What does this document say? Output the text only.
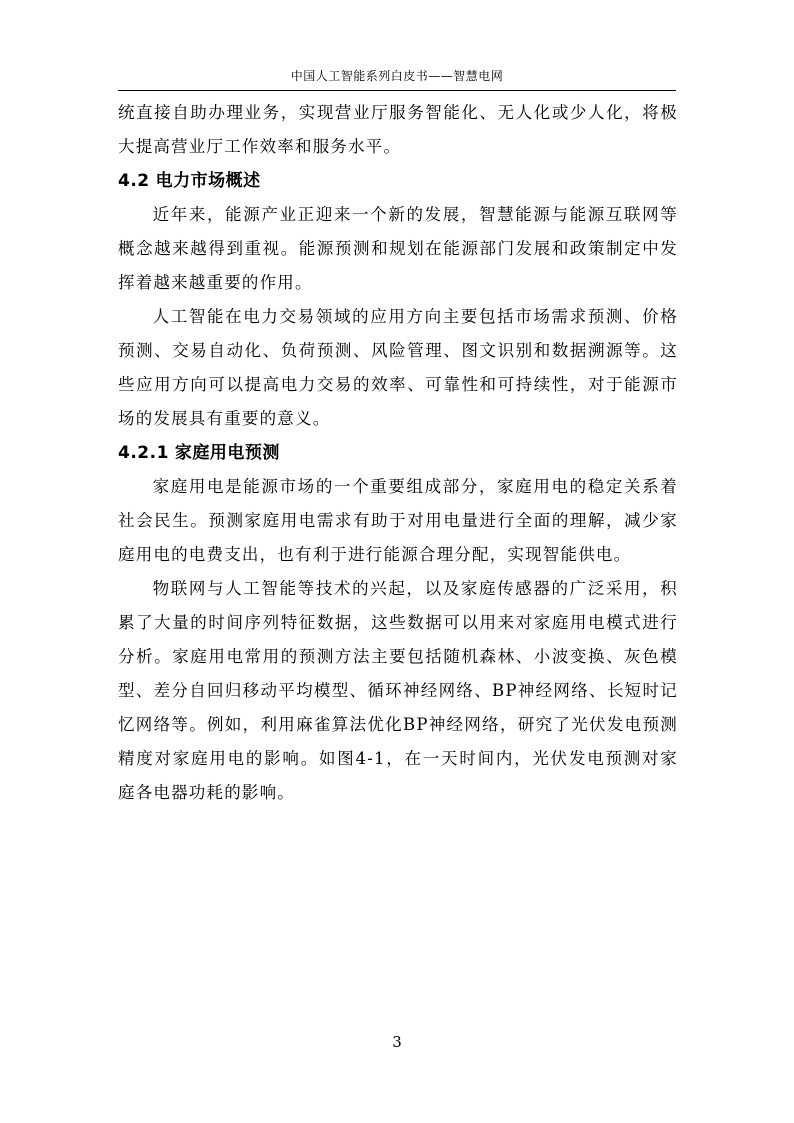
中国人工智能系列白皮书——智慧电网

统直接自助办理业务，实现营业厅服务智能化、无人化或少人化，将极大提高营业厅工作效率和服务水平。

4.2 电力市场概述

近年来，能源产业正迎来一个新的发展，智慧能源与能源互联网等概念越来越得到重视。能源预测和规划在能源部门发展和政策制定中发挥着越来越重要的作用。

人工智能在电力交易领域的应用方向主要包括市场需求预测、价格预测、交易自动化、负荷预测、风险管理、图文识别和数据溯源等。这些应用方向可以提高电力交易的效率、可靠性和可持续性，对于能源市场的发展具有重要的意义。

4.2.1 家庭用电预测

家庭用电是能源市场的一个重要组成部分，家庭用电的稳定关系着社会民生。预测家庭用电需求有助于对用电量进行全面的理解，减少家庭用电的电费支出，也有利于进行能源合理分配，实现智能供电。

物联网与人工智能等技术的兴起，以及家庭传感器的广泛采用，积累了大量的时间序列特征数据，这些数据可以用来对家庭用电模式进行分析。家庭用电常用的预测方法主要包括随机森林、小波变换、灰色模型、差分自回归移动平均模型、循环神经网络、BP神经网络、长短时记忆网络等。例如，利用麻雀算法优化BP神经网络，研究了光伏发电预测精度对家庭用电的影响。如图4-1，在一天时间内，光伏发电预测对家庭各电器功耗的影响。

3
